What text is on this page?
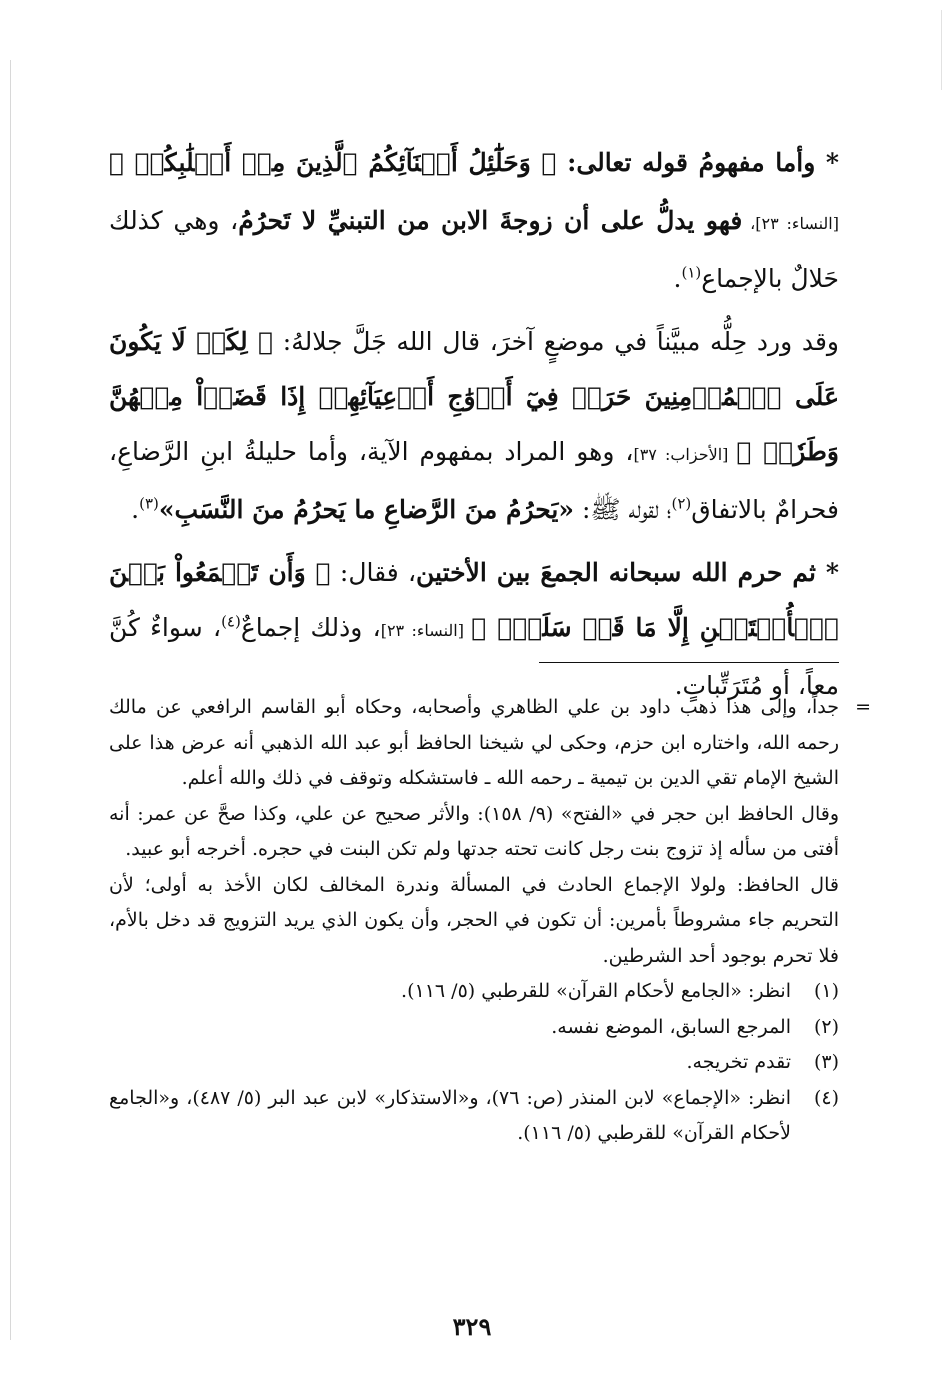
* وأما مفهومُ قوله تعالى: ﴿ وَحَلَٰٓئِلُ أَبۡنَآئِكُمُ ٱلَّذِينَ مِنۡ أَصۡلَٰبِكُمۡ ﴾ [النساء: ٢٣]، فهو يدلُّ على أن زوجةَ الابن من التبنيِّ لا تَحرُمُ، وهي كذلك حَلالٌ بالإجماع$^{(١)}$.

وقد ورد حِلُّه مبيَّناً في موضعٍ آخرَ، قال الله جَلَّ جلالهُ: ﴿ لِكَيۡ لَا يَكُونَ عَلَى ٱلۡمُؤۡمِنِينَ حَرَجٞ فِيٓ أَزۡوَٰجِ أَدۡعِيَآئِهِمۡ إِذَا قَضَوۡاْ مِنۡهُنَّ وَطَرٗاۚ ﴾ [الأحزاب: ٣٧]، وهو المراد بمفهوم الآية، وأما حليلةُ ابنِ الرَّضاعِ، فحرامٌ بالاتفاق$^{(٢)}$؛ لقوله ﷺ: «يَحرُمُ منَ الرَّضاعِ ما يَحرُمُ منَ النَّسَبِ»$^{(٣)}$.

* ثم حرم الله سبحانه الجمعَ بين الأختين، فقال: ﴿ وَأَن تَجۡمَعُواْ بَيۡنَ ٱلۡأُخۡتَيۡنِ إِلَّا مَا قَدۡ سَلَفَۚ ﴾ [النساء: ٢٣]، وذلك إجماعٌ$^{(٤)}$، سواءٌ كُنَّ معاً، أو مُتَرَتِّباتٍ.

=

جداً، وإلى هذا ذهب داود بن علي الظاهري وأصحابه، وحكاه أبو القاسم الرافعي عن مالك رحمه الله، واختاره ابن حزم، وحكى لي شيخنا الحافظ أبو عبد الله الذهبي أنه عرض هذا على الشيخ الإمام تقي الدين بن تيمية ـ رحمه الله ـ فاستشكله وتوقف في ذلك والله أعلم.

وقال الحافظ ابن حجر في «الفتح» (٩/ ١٥٨): والأثر صحيح عن علي، وكذا صحَّ عن عمر: أنه أفتى من سأله إذ تزوج بنت رجل كانت تحته جدتها ولم تكن البنت في حجره. أخرجه أبو عبيد.

قال الحافظ: ولولا الإجماع الحادث في المسألة وندرة المخالف لكان الأخذ به أولى؛ لأن التحريم جاء مشروطاً بأمرين: أن تكون في الحجر، وأن يكون الذي يريد التزويج قد دخل بالأم، فلا تحرم بوجود أحد الشرطين.

(١)
انظر: «الجامع لأحكام القرآن» للقرطبي (٥/ ١١٦).
(٢)
المرجع السابق، الموضع نفسه.
(٣)
تقدم تخريجه.
(٤)
انظر: «الإجماع» لابن المنذر (ص: ٧٦)، و«الاستذكار» لابن عبد البر (٥/ ٤٨٧)، و«الجامع لأحكام القرآن» للقرطبي (٥/ ١١٦).
٣٢٩
